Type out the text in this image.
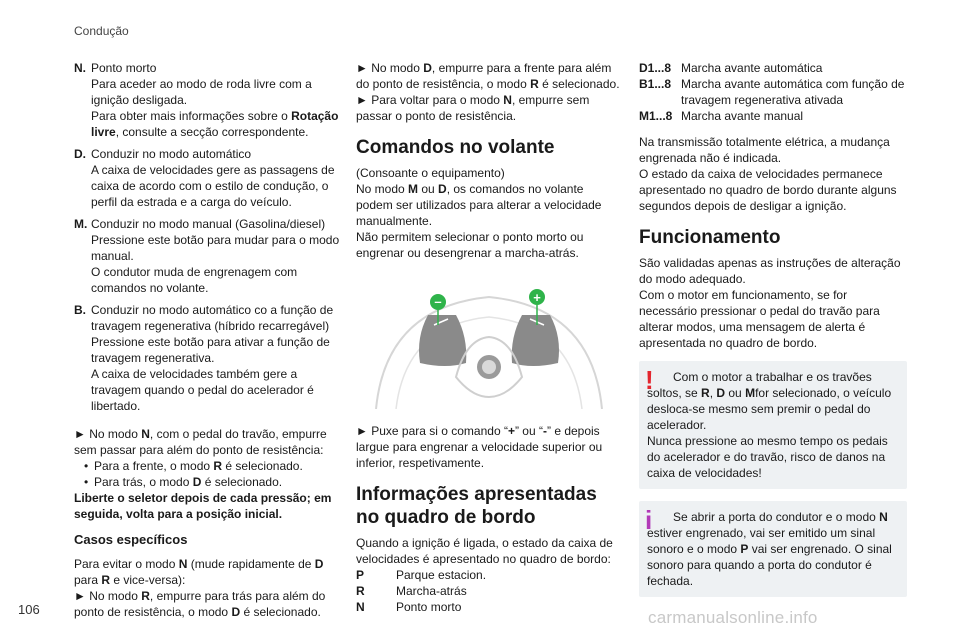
Condução
N. Ponto morto

Para aceder ao modo de roda livre com a ignição desligada.

Para obter mais informações sobre o Rotação livre, consulte a secção correspondente.

D. Conduzir no modo automático

A caixa de velocidades gere as passagens de caixa de acordo com o estilo de condução, o perfil da estrada e a carga do veículo.

M. Conduzir no modo manual (Gasolina/diesel)

Pressione este botão para mudar para o modo manual.

O condutor muda de engrenagem com comandos no volante.

B. Conduzir no modo automático co a função de travagem regenerativa (híbrido recarregável)

Pressione este botão para ativar a função de travagem regenerativa.

A caixa de velocidades também gere a travagem quando o pedal do acelerador é libertado.

► No modo N, com o pedal do travão, empurre sem passar para além do ponto de resistência:

• Para a frente, o modo R é selecionado.
• Para trás, o modo D é selecionado.

Liberte o seletor depois de cada pressão; em seguida, volta para a posição inicial.

Casos específicos

Para evitar o modo N (mude rapidamente de D para R e vice-versa):

► No modo R, empurre para trás para além do ponto de resistência, o modo D é selecionado.

► No modo D, empurre para a frente para além do ponto de resistência, o modo R é selecionado.

► Para voltar para o modo N, empurre sem passar o ponto de resistência.

Comandos no volante

(Consoante o equipamento)

No modo M ou D, os comandos no volante podem ser utilizados para alterar a velocidade manualmente.

Não permitem selecionar o ponto morto ou engrenar ou desengrenar a marcha-atrás.

–	+

► Puxe para si o comando “+” ou “-” e depois largue para engrenar a velocidade superior ou inferior, respetivamente.

Informações apresentadas no quadro de bordo

Quando a ignição é ligada, o estado da caixa de velocidades é apresentado no quadro de bordo:

P	Parque estacion.
R	Marcha-atrás
N	Ponto morto
D1...8 Marcha avante automática
B1...8 Marcha avante automática com função de travagem regenerativa ativada
M1...8 Marcha avante manual

Na transmissão totalmente elétrica, a mudança engrenada não é indicada.

O estado da caixa de velocidades permanece apresentado no quadro de bordo durante alguns segundos depois de desligar a ignição.

Funcionamento

São validadas apenas as instruções de alteração do modo adequado.

Com o motor em funcionamento, se for necessário pressionar o pedal do travão para alterar modos, uma mensagem de alerta é apresentada no quadro de bordo.

!	Com o motor a trabalhar e os travões soltos, se R, D ou Mfor selecionado, o veículo desloca-se mesmo sem premir o pedal do acelerador.

Nunca pressione ao mesmo tempo os pedais do acelerador e do travão, risco de danos na caixa de velocidades!

i	Se abrir a porta do condutor e o modo N estiver engrenado, vai ser emitido um sinal sonoro e o modo P vai ser engrenado. O sinal sonoro para quando a porta do condutor é fechada.

106	carmanualsonline.info
